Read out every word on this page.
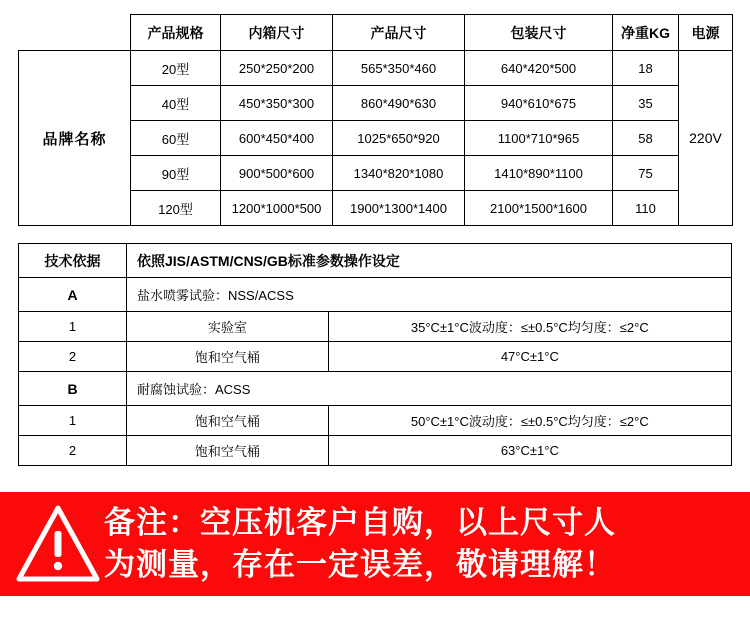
	产品规格	内箱尺寸	产品尺寸	包装尺寸	净重KG	电源
品牌名称	20型	250*250*200	565*350*460	640*420*500	18	220V
	40型	450*350*300	860*490*630	940*610*675	35	
	60型	600*450*400	1025*650*920	1100*710*965	58	
	90型	900*500*600	1340*820*1080	1410*890*1100	75	
	120型	1200*1000*500	1900*1300*1400	2100*1500*1600	110	
技术依据	依照JIS/ASTM/CNS/GB标准参数操作设定	
A	盐水喷雾试验：NSS/ACSS	
1	实验室	35°C±1°C波动度：≤±0.5°C均匀度：≤2°C
2	饱和空气桶	47°C±1°C
B	耐腐蚀试验：ACSS	
1	饱和空气桶	50°C±1°C波动度：≤±0.5°C均匀度：≤2°C
2	饱和空气桶	63°C±1°C
备注：空压机客户自购，以上尺寸人
为测量，存在一定误差，敬请理解！
